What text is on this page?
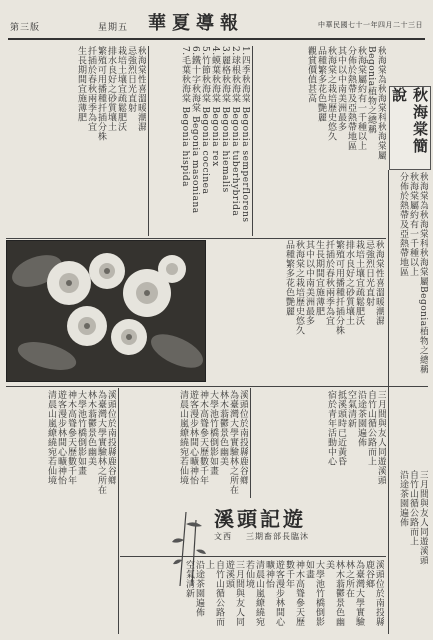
第三版	星期五 華夏導報	中華民國七十一年四月二十三日
秋海棠簡說
秋海棠為秋海棠科秋海棠屬Begonia植物之總稱
秋海棠屬約有一千種以上
分佈於熱帶及亞熱帶地區
其中以中南美洲最多
秋海棠之栽培歷史悠久
品種繁多花色艷麗
觀賞價值甚高
1.四季秋海棠 Begonia semperflorens
2.球根秋海棠 Begonia tuberhybrida
3.麗格秋海棠 Begonia hiemalis
4.蟆葉秋海棠 Begonia rex
5.竹節秋海棠 Begonia coccinea
6.鐵十字秋海棠 Begonia masoniana
7.毛葉秋海棠 Begonia hispida
秋海棠性喜溫暖潮濕
忌強烈日光直射
栽培土壤宜疏鬆肥沃
排水良好之砂質壤土
繁殖可用播種扦插分株
扦插於春秋兩季為宜
生長期間宜施薄肥
秋海棠為秋海棠科秋海棠屬Begonia植物之總稱
秋海棠屬約有一千種以上
分佈於熱帶及亞熱帶地區
秋海棠性喜溫暖潮濕
忌強烈日光直射
栽培土壤宜疏鬆肥沃
排水良好之砂質壤土
繁殖可用播種扦插分株
扦插於春秋兩季為宜
生長期間宜施薄肥
其中以中南美洲最多
秋海棠之栽培歷史悠久
品種繁多花色艷麗
三月間與友人同遊溪頭
自竹山循公路而上
沿途茶園遍佈
空氣清新
抵溪頭時已近黃昏
宿於青年活動中心
溪頭位於南投縣鹿谷鄉
為臺灣大學實驗林之所在
林木蓊鬱景色幽美
大學池竹橋倒影如畫
神木高聳參天歷數千年
遊客漫步林間心曠神怡
清晨山嵐繚繞宛若仙境
溪頭位於南投縣鹿谷鄉
為臺灣大學實驗林之所在
林木蓊鬱景色幽美
大學池竹橋倒影如畫
神木高聳參天歷數千年
遊客漫步林間心曠神怡
清晨山嵐繚繞宛若仙境
三月間與友人同遊溪頭
自竹山循公路而上
沿途茶園遍佈
溪頭記遊
文西 三期畜部長臨沐
溪頭位於南投縣鹿谷鄉
為臺灣大學實驗林之所在
林木蓊鬱景色幽美
大學池竹橋倒影如畫
神木高聳參天歷數千年
遊客漫步林間心曠神怡
清晨山嵐繚繞宛若仙境
三月間與友人同遊溪頭
自竹山循公路而上
沿途茶園遍佈
空氣清新
